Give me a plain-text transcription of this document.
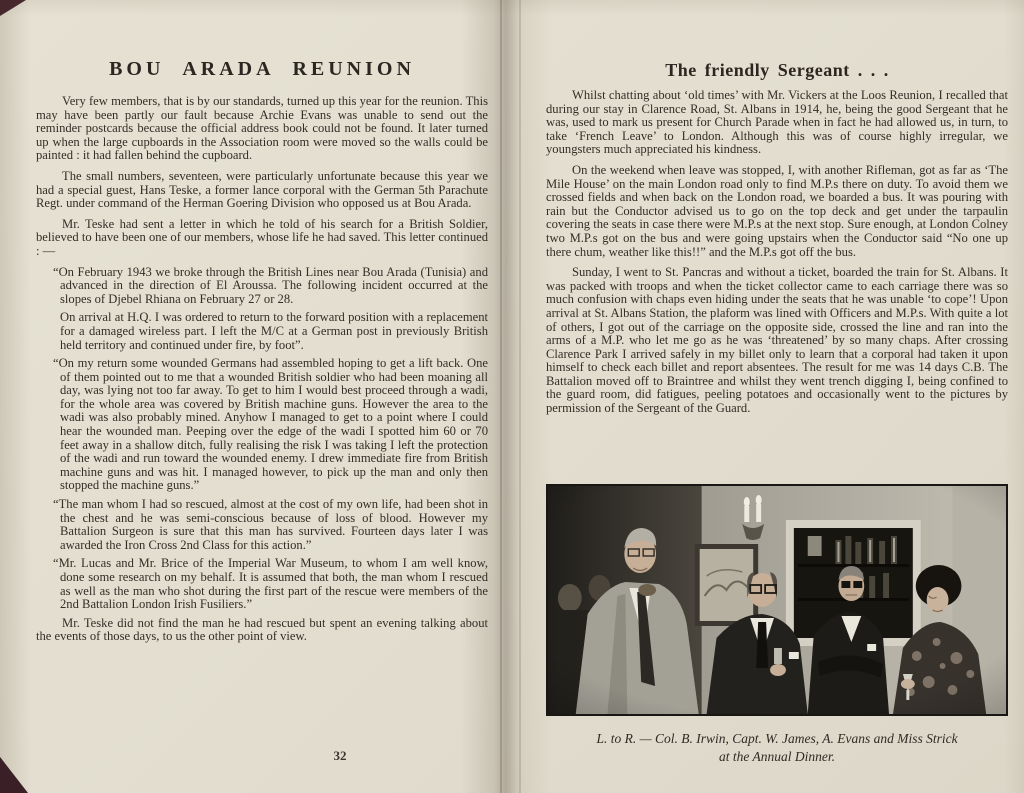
BOU ARADA REUNION

Very few members, that is by our standards, turned up this year for the reunion. This may have been partly our fault because Archie Evans was unable to send out the reminder postcards because the official address book could not be found. It later turned up when the large cupboards in the Association room were moved so the walls could be painted : it had fallen behind the cupboard.

The small numbers, seventeen, were particularly unfortunate because this year we had a special guest, Hans Teske, a former lance corporal with the German 5th Parachute Regt. under command of the Herman Goering Division who opposed us at Bou Arada.

Mr. Teske had sent a letter in which he told of his search for a British Soldier, believed to have been one of our members, whose life he had saved. This letter continued : —

“On February 1943 we broke through the British Lines near Bou Arada (Tunisia) and advanced in the direction of El Aroussa. The following incident occurred at the slopes of Djebel Rhiana on February 27 or 28.

On arrival at H.Q. I was ordered to return to the forward position with a replacement for a damaged wireless part. I left the M/C at a German post in previously British held territory and continued under fire, by foot”.

“On my return some wounded Germans had assembled hoping to get a lift back. One of them pointed out to me that a wounded British soldier who had been moaning all day, was lying not too far away. To get to him I would best proceed through a wadi, for the whole area was covered by British machine guns. However the area to the wadi was also probably mined. Anyhow I managed to get to a point where I could hear the wounded man. Peeping over the edge of the wadi I spotted him 60 or 70 feet away in a shallow ditch, fully realising the risk I was taking I left the protection of the wadi and run toward the wounded enemy. I drew immediate fire from British machine guns and was hit. I managed however, to pick up the man and only then stopped the machine guns.”

“The man whom I had so rescued, almost at the cost of my own life, had been shot in the chest and he was semi-conscious because of loss of blood. However my Battalion Surgeon is sure that this man has survived. Fourteen days later I was awarded the Iron Cross 2nd Class for this action.”

“Mr. Lucas and Mr. Brice of the Imperial War Museum, to whom I am well know, done some research on my behalf. It is assumed that both, the man whom I rescued as well as the man who shot during the first part of the rescue were members of the 2nd Battalion London Irish Fusiliers.”

Mr. Teske did not find the man he had rescued but spent an evening talking about the events of those days, to us the other point of view.

32
The friendly Sergeant . . .

Whilst chatting about ‘old times’ with Mr. Vickers at the Loos Reunion, I recalled that during our stay in Clarence Road, St. Albans in 1914, he, being the good Sergeant that he was, used to mark us present for Church Parade when in fact he had allowed us, in turn, to take ‘French Leave’ to London. Although this was of course highly irregular, we youngsters much appreciated his kindness.

On the weekend when leave was stopped, I, with another Rifleman, got as far as ‘The Mile House’ on the main London road only to find M.P.s there on duty. To avoid them we crossed fields and when back on the London road, we boarded a bus. It was pouring with rain but the Conductor advised us to go on the top deck and get under the tarpaulin covering the seats in case there were M.P.s at the next stop. Sure enough, at London Colney two M.P.s got on the bus and were going upstairs when the Conductor said “No one up there chum, weather like this!!” and the M.P.s got off the bus.

Sunday, I went to St. Pancras and without a ticket, boarded the train for St. Albans. It was packed with troops and when the ticket collector came to each carriage there was so much confusion with chaps even hiding under the seats that he was unable ‘to cope’! Upon arrival at St. Albans Station, the plaform was lined with Officers and M.P.s. With quite a lot of others, I got out of the carriage on the opposite side, crossed the line and ran into the arms of a M.P. who let me go as he was ‘threatened’ by so many chaps. After crossing Clarence Park I arrived safely in my billet only to learn that a corporal had taken it upon himself to check each billet and report absentees. The result for me was 14 days C.B. The Battalion moved off to Braintree and whilst they went trench digging I, being confined to the guard room, did fatigues, peeling potatoes and occasionally went to the pictures by permission of the Sergeant of the Guard.

L. to R. — Col. B. Irwin, Capt. W. James, A. Evans and Miss Strick
at the Annual Dinner.
